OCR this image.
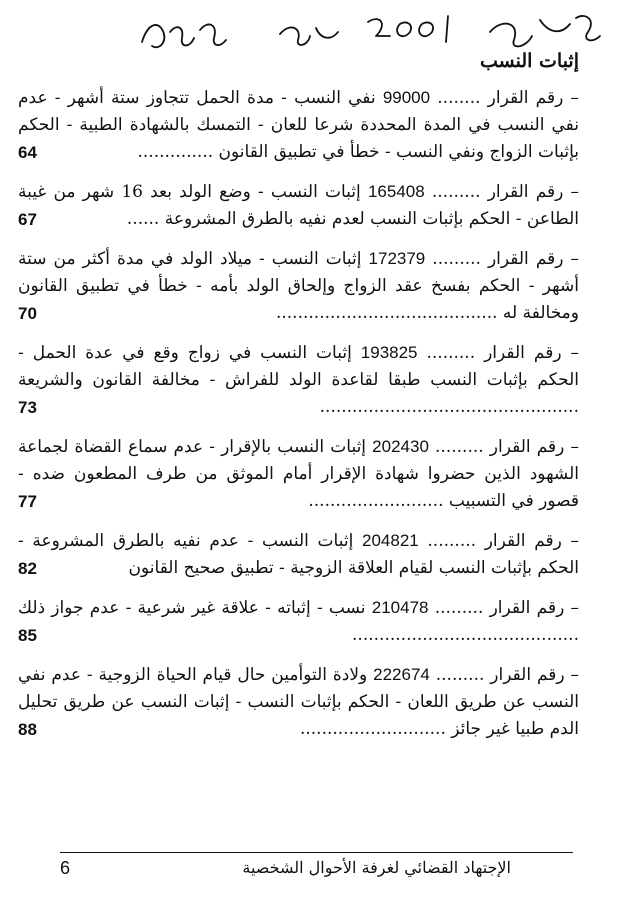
إثبات النسب

– رقم القرار ........ 99000 نفي النسب - مدة الحمل تتجاوز ستة أشهر - عدم نفي النسب في المدة المحددة شرعا للعان - التمسك بالشهادة الطبية - الحكم بإثبات الزواج ونفي النسب - خطأ في تطبيق القانون ..............
64

– رقم القرار ......... 165408 إثبات النسب - وضع الولد بعد 16 شهر من غيبة الطاعن - الحكم بإثبات النسب لعدم نفيه بالطرق المشروعة ......
67

– رقم القرار ......... 172379 إثبات النسب - ميلاد الولد في مدة أكثر من ستة أشهر - الحكم بفسخ عقد الزواج وإلحاق الولد بأمه - خطأ في تطبيق القانون ومخالفة له .........................................
70

– رقم القرار ......... 193825 إثبات النسب في زواج وقع في عدة الحمل - الحكم بإثبات النسب طبقا لقاعدة الولد للفراش - مخالفة القانون والشريعة ................................................
73

– رقم القرار ......... 202430 إثبات النسب بالإقرار - عدم سماع القضاة لجماعة الشهود الذين حضروا شهادة الإقرار أمام الموثق من طرف المطعون ضده - قصور في التسبيب .........................
77

– رقم القرار ......... 204821 إثبات النسب - عدم نفيه بالطرق المشروعة - الحكم بإثبات النسب لقيام العلاقة الزوجية - تطبيق صحيح القانون
82

– رقم القرار ......... 210478 نسب - إثباته - علاقة غير شرعية - عدم جواز ذلك ..........................................
85

– رقم القرار ......... 222674 ولادة التوأمين حال قيام الحياة الزوجية - عدم نفي النسب عن طريق اللعان - الحكم بإثبات النسب - إثبات النسب عن طريق تحليل الدم طبيا غير جائز ...........................
88

الإجتهاد القضائي لغرفة الأحوال الشخصية
6
